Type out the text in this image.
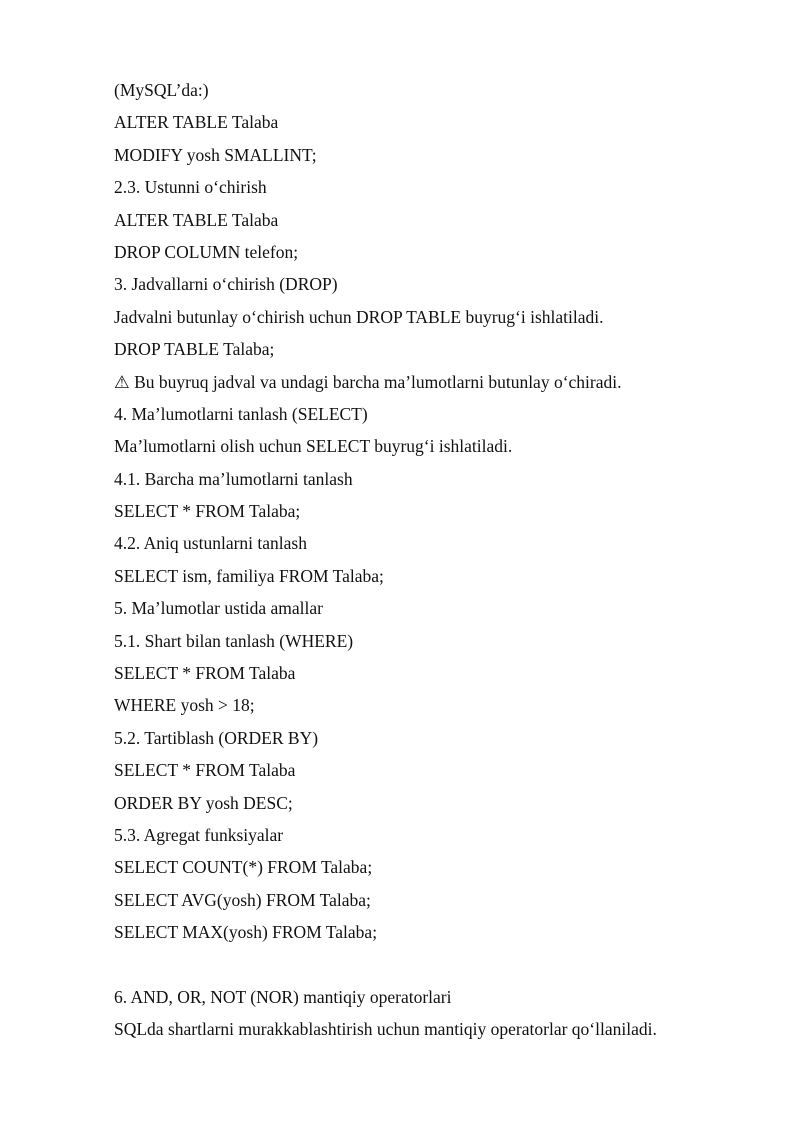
(MySQL’da:)
ALTER TABLE Talaba
MODIFY yosh SMALLINT;
2.3. Ustunni o‘chirish
ALTER TABLE Talaba
DROP COLUMN telefon;
3. Jadvallarni o‘chirish (DROP)
Jadvalni butunlay o‘chirish uchun DROP TABLE buyrug‘i ishlatiladi.
DROP TABLE Talaba;
⚠ Bu buyruq jadval va undagi barcha ma’lumotlarni butunlay o‘chiradi.
4. Ma’lumotlarni tanlash (SELECT)
Ma’lumotlarni olish uchun SELECT buyrug‘i ishlatiladi.
4.1. Barcha ma’lumotlarni tanlash
SELECT * FROM Talaba;
4.2. Aniq ustunlarni tanlash
SELECT ism, familiya FROM Talaba;
5. Ma’lumotlar ustida amallar
5.1. Shart bilan tanlash (WHERE)
SELECT * FROM Talaba
WHERE yosh > 18;
5.2. Tartiblash (ORDER BY)
SELECT * FROM Talaba
ORDER BY yosh DESC;
5.3. Agregat funksiyalar
SELECT COUNT(*) FROM Talaba;
SELECT AVG(yosh) FROM Talaba;
SELECT MAX(yosh) FROM Talaba;
6. AND, OR, NOT (NOR) mantiqiy operatorlari
SQLda shartlarni murakkablashtirish uchun mantiqiy operatorlar qo‘llaniladi.
